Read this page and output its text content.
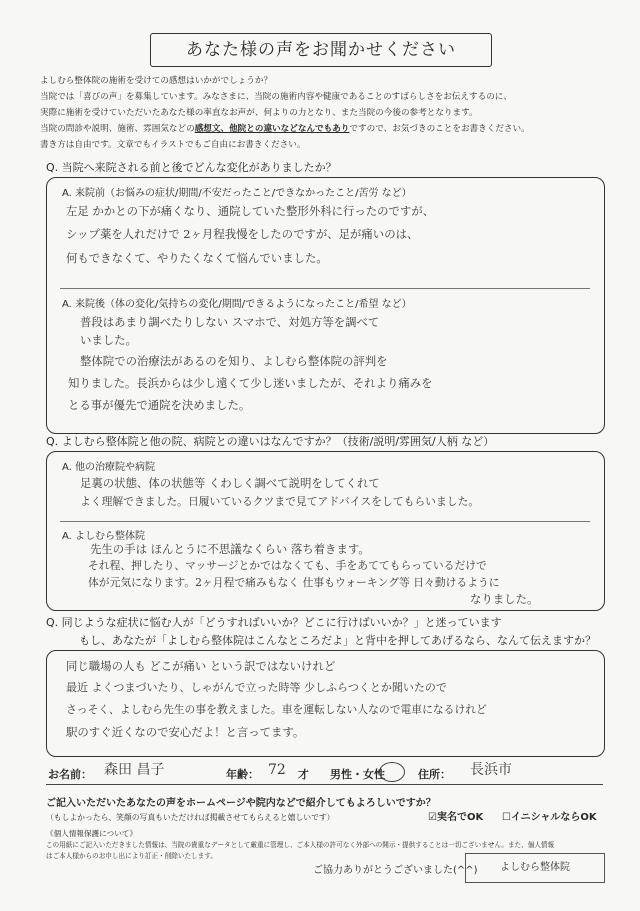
あなた様の声をお聞かせください
よしむら整体院の施術を受けての感想はいかがでしょうか？
当院では「喜びの声」を募集しています。みなさまに、当院の施術内容や健康であることのすばらしさをお伝えするのに、
実際に施術を受けていただいたあなた様の率直なお声が、何よりの力となり、また当院の今後の参考となります。
当院の問診や説明、施術、雰囲気などの感想文、他院との違いなどなんでもありですので、お気づきのことをお書きください。
書き方は自由です。文章でもイラストでもご自由にお書きください。
Q. 当院へ来院される前と後でどんな変化がありましたか？
A. 来院前（お悩みの症状/期間/不安だったこと/できなかったこと/苦労 など）
左足 かかとの下が痛くなり、通院していた整形外科に行ったのですが、
シップ薬を人れだけで 2ヶ月程我慢をしたのですが、足が痛いのは、
何もできなくて、やりたくなくて悩んでいました。
A. 来院後（体の変化/気持ちの変化/期間/できるようになったこと/希望 など）
普段はあまり調べたりしない スマホで、対処方等を調べて
いました。
整体院での治療法があるのを知り、よしむら整体院の評判を
知りました。長浜からは少し遠くて少し迷いましたが、それより痛みを
とる事が優先で通院を決めました。
Q. よしむら整体院と他の院、病院との違いはなんですか？（技術/説明/雰囲気/人柄 など）
A. 他の治療院や病院
足裏の状態、体の状態等 くわしく調べて説明をしてくれて
よく理解できました。日履いているクツまで見てアドバイスをしてもらいました。
A. よしむら整体院
先生の手は ほんとうに不思議なくらい 落ち着きます。
それ程、押したり、マッサージとかではなくても、手をあててもらっているだけで
体が元気になります。2ヶ月程で痛みもなく 仕事もウォーキング等 日々動けるように
なりました。
Q. 同じような症状に悩む人が「どうすればいいか？どこに行けばいいか？」と迷っています
もし、あなたが「よしむら整体院はこんなところだよ」と背中を押してあげるなら、なんて伝えますか？
同じ職場の人も どこが痛い という訳ではないけれど
最近 よくつまづいたり、しゃがんで立った時等 少しふらつくとか聞いたので
さっそく、よしむら先生の事を教えました。車を運転しない人なので電車になるけれど
駅のすぐ近くなので安心だよ！と言ってます。
お名前： 森田 昌子	年齢： 72 才 男性・女性	住所： 長浜市
ご記入いただいたあなたの声をホームページや院内などで紹介してもよろしいですか？
（もしよかったら、笑顔の写真もいただければ掲載させてもらえると嬉しいです）	☑実名でOK ☐イニシャルならOK
《個人情報保護について》
この用紙にご記入いただきました情報は、当院の貴重なデータとして厳重に管理し、ご本人様の許可なく外部への開示・提供することは一切ございません。また、個人情報
はご本人様からのお申し出により訂正・削除いたします。
ご協力ありがとうございました(^^)	よしむら整体院
